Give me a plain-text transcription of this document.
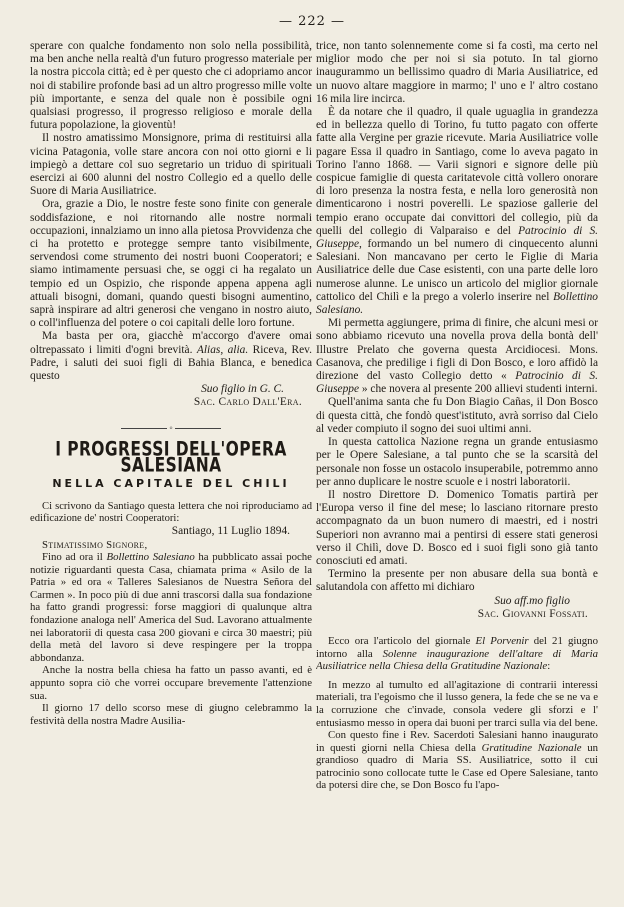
— 222 —

sperare con qualche fondamento non solo nella possibilità, ma ben anche nella realtà d'un futuro progresso materiale per la nostra piccola città; ed è per questo che ci adopriamo ancor noi di stabilire profonde basi ad un altro progresso mille volte più importante, e senza del quale non è possibile ogni qualsiasi progresso, il progresso religioso e morale della futura popolazione, la gioventù!

Il nostro amatissimo Monsignore, prima di restituirsi alla vicina Patagonia, volle stare ancora con noi otto giorni e li impiegò a dettare col suo segretario un triduo di spirituali esercizi ai 600 alunni del nostro Collegio ed a quello delle Suore di Maria Ausiliatrice.

Ora, grazie a Dio, le nostre feste sono finite con generale soddisfazione, e noi ritornando alle nostre normali occupazioni, innalziamo un inno alla pietosa Provvidenza che ci ha protetto e protegge sempre tanto visibilmente, servendosi come strumento dei nostri buoni Cooperatori; e siamo intimamente persuasi che, se oggi ci ha regalato un tempio ed un Ospizio, che risponde appena appena agli attuali bisogni, domani, quando questi bisogni aumentino, saprà inspirare ad altri generosi che vengano in nostro aiuto, o coll'influenza del potere o coi capitali delle loro fortune.

Ma basta per ora, giacchè m'accorgo d'avere omai oltrepassato i limiti d'ogni brevità. Alias, alia. Riceva, Rev. Padre, i saluti dei suoi figli di Bahia Blanca, e benedica questo

Suo figlio in G. C.

Sac. Carlo Dall'Era.

◦
I PROGRESSI DELL'OPERA SALESIANA
NELLA CAPITALE DEL CHILI

Ci scrivono da Santiago questa lettera che noi riproduciamo ad edificazione de' nostri Cooperatori:

Santiago, 11 Luglio 1894.

Stimatissimo Signore,

Fino ad ora il Bollettino Salesiano ha pubblicato assai poche notizie riguardanti questa Casa, chiamata prima « Asilo de la Patria » ed ora « Talleres Salesianos de Nuestra Señora del Carmen ». In poco più di due anni trascorsi dalla sua fondazione ha fatto grandi progressi: forse maggiori di qualunque altra fondazione analoga nell' America del Sud. Lavorano attualmente nei laboratorii di questa casa 200 giovani e circa 30 maestri; più della metà del lavoro si deve respingere per la troppa abbondanza.

Anche la nostra bella chiesa ha fatto un passo avanti, ed è appunto sopra ciò che vorrei occupare brevemente l'attenzione sua.

Il giorno 17 dello scorso mese di giugno celebrammo la festività della nostra Madre Ausilia-

trice, non tanto solennemente come si fa costì, ma certo nel miglior modo che per noi si sia potuto. In tal giorno inaugurammo un bellissimo quadro di Maria Ausiliatrice, ed un nuovo altare maggiore in marmo; l' uno e l' altro costano 16 mila lire incirca.

È da notare che il quadro, il quale uguaglia in grandezza ed in bellezza quello di Torino, fu tutto pagato con offerte fatte alla Vergine per grazie ricevute. Maria Ausiliatrice volle pagare Essa il quadro in Santiago, come lo aveva pagato in Torino l'anno 1868. — Varii signori e signore delle più cospicue famiglie di questa caritatevole città vollero onorare di loro presenza la nostra festa, e nella loro generosità non dimenticarono i nostri poverelli. Le spaziose gallerie del tempio erano occupate dai convittori del collegio, più da quelli del collegio di Valparaiso e del Patrocinio di S. Giuseppe, formando un bel numero di cinquecento alunni Salesiani. Non mancavano per certo le Figlie di Maria Ausiliatrice delle due Case esistenti, con una parte delle loro numerose alunne. Le unisco un articolo del miglior giornale cattolico del Chilì e la prego a volerlo inserire nel Bollettino Salesiano.

Mi permetta aggiungere, prima di finire, che alcuni mesi or sono abbiamo ricevuto una novella prova della bontà dell' Illustre Prelato che governa questa Arcidiocesi. Mons. Casanova, che predilige i figli di Don Bosco, e loro affidò la direzione del vasto Collegio detto « Patrocinio di S. Giuseppe » che novera al presente 200 allievi studenti interni.

Quell'anima santa che fu Don Biagio Cañas, il Don Bosco di questa città, che fondò quest'istituto, avrà sorriso dal Cielo al veder compiuto il sogno dei suoi ultimi anni.

In questa cattolica Nazione regna un grande entusiasmo per le Opere Salesiane, a tal punto che se la scarsità del personale non fosse un ostacolo insuperabile, potremmo anno per anno duplicare le nostre scuole e i nostri laboratorii.

Il nostro Direttore D. Domenico Tomatis partirà per l'Europa verso il fine del mese; lo lasciano ritornare presto accompagnato da un buon numero di maestri, ed i nostri Superiori non avranno mai a pentirsi di essere stati generosi verso il Chilì, dove D. Bosco ed i suoi figli sono già tanto conosciuti ed amati.

Termino la presente per non abusare della sua bontà e salutandola con affetto mi dichiaro

Suo aff.mo figlio

Sac. Giovanni Fossati.

Ecco ora l'articolo del giornale El Porvenir del 21 giugno intorno alla Solenne inaugurazione dell'altare di Maria Ausiliatrice nella Chiesa della Gratitudine Nazionale:

In mezzo al tumulto ed all'agitazione di contrarii interessi materiali, tra l'egoismo che il lusso genera, la fede che se ne va e la corruzione che c'invade, consola vedere gli sforzi e l' entusiasmo messo in opera dai buoni per trarci sulla via del bene.

Con questo fine i Rev. Sacerdoti Salesiani hanno inaugurato in questi giorni nella Chiesa della Gratitudine Nazionale un grandioso quadro di Maria SS. Ausiliatrice, sotto il cui patrocinio sono collocate tutte le Case ed Opere Salesiane, tanto da potersi dire che, se Don Bosco fu l'apo-
